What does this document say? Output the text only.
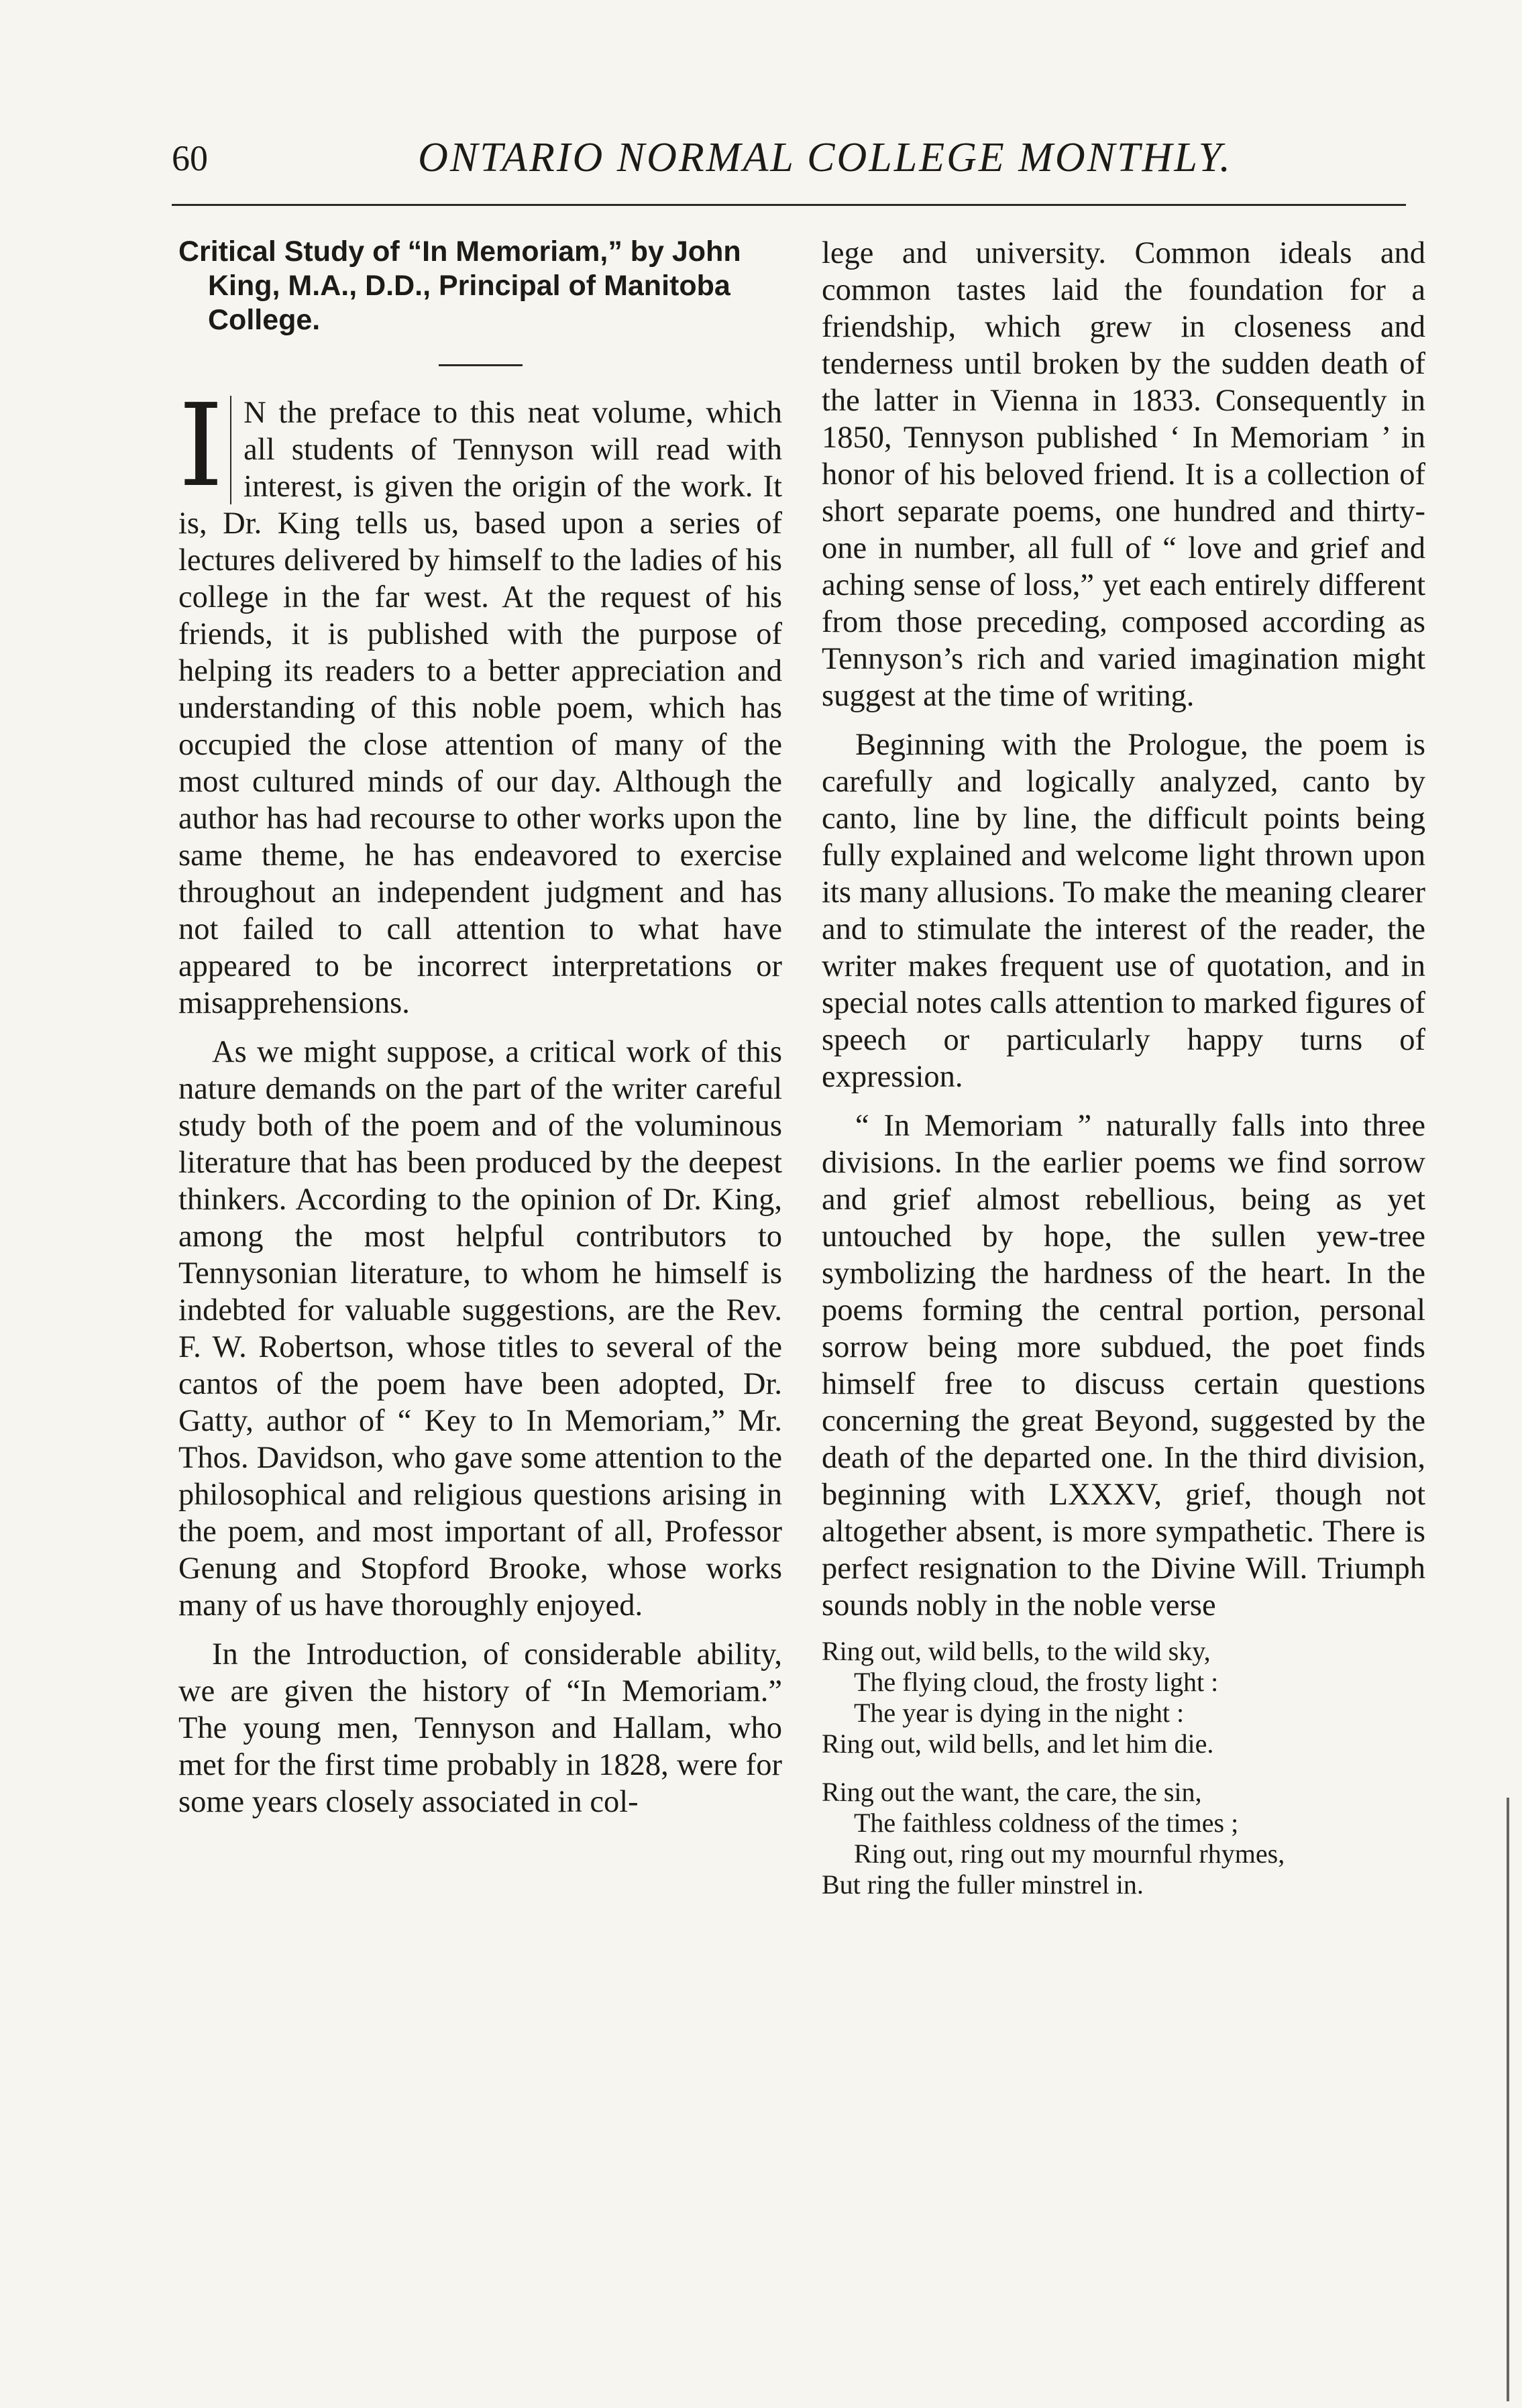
60	ONTARIO NORMAL COLLEGE MONTHLY.
Critical Study of “In Memoriam,” by John King, M.A., D.D., Principal of Manitoba College.

I N the preface to this neat volume, which all students of Tennyson will read with interest, is given the origin of the work. It is, Dr. King tells us, based upon a series of lectures delivered by himself to the ladies of his college in the far west. At the request of his friends, it is published with the purpose of helping its readers to a better appreciation and understanding of this noble poem, which has occupied the close attention of many of the most cultured minds of our day. Although the author has had recourse to other works upon the same theme, he has endeavored to exercise throughout an independent judgment and has not failed to call attention to what have appeared to be incorrect interpretations or misapprehensions.

As we might suppose, a critical work of this nature demands on the part of the writer careful study both of the poem and of the voluminous literature that has been produced by the deepest thinkers. According to the opinion of Dr. King, among the most helpful contributors to Tennysonian literature, to whom he himself is indebted for valuable suggestions, are the Rev. F. W. Robertson, whose titles to several of the cantos of the poem have been adopted, Dr. Gatty, author of “ Key to In Memoriam,” Mr. Thos. Davidson, who gave some attention to the philosophical and religious questions arising in the poem, and most important of all, Professor Genung and Stopford Brooke, whose works many of us have thoroughly enjoyed.

In the Introduction, of considerable ability, we are given the history of “In Memoriam.” The young men, Tennyson and Hallam, who met for the first time probably in 1828, were for some years closely associated in col-

lege and university. Common ideals and common tastes laid the foundation for a friendship, which grew in closeness and tenderness until broken by the sudden death of the latter in Vienna in 1833. Consequently in 1850, Tennyson published ‘ In Memoriam ’ in honor of his beloved friend. It is a collection of short separate poems, one hundred and thirty-one in number, all full of “ love and grief and aching sense of loss,” yet each entirely different from those preceding, composed according as Tennyson’s rich and varied imagination might suggest at the time of writing.

Beginning with the Prologue, the poem is carefully and logically analyzed, canto by canto, line by line, the difficult points being fully explained and welcome light thrown upon its many allusions. To make the meaning clearer and to stimulate the interest of the reader, the writer makes frequent use of quotation, and in special notes calls attention to marked figures of speech or particularly happy turns of expression.

“ In Memoriam ” naturally falls into three divisions. In the earlier poems we find sorrow and grief almost rebellious, being as yet untouched by hope, the sullen yew-tree symbolizing the hardness of the heart. In the poems forming the central portion, personal sorrow being more subdued, the poet finds himself free to discuss certain questions concerning the great Beyond, suggested by the death of the departed one. In the third division, beginning with LXXXV, grief, though not altogether absent, is more sympathetic. There is perfect resignation to the Divine Will. Triumph sounds nobly in the noble verse

Ring out, wild bells, to the wild sky,
The flying cloud, the frosty light :
The year is dying in the night :
Ring out, wild bells, and let him die.
Ring out the want, the care, the sin,
The faithless coldness of the times ;
Ring out, ring out my mournful rhymes,
But ring the fuller minstrel in.
